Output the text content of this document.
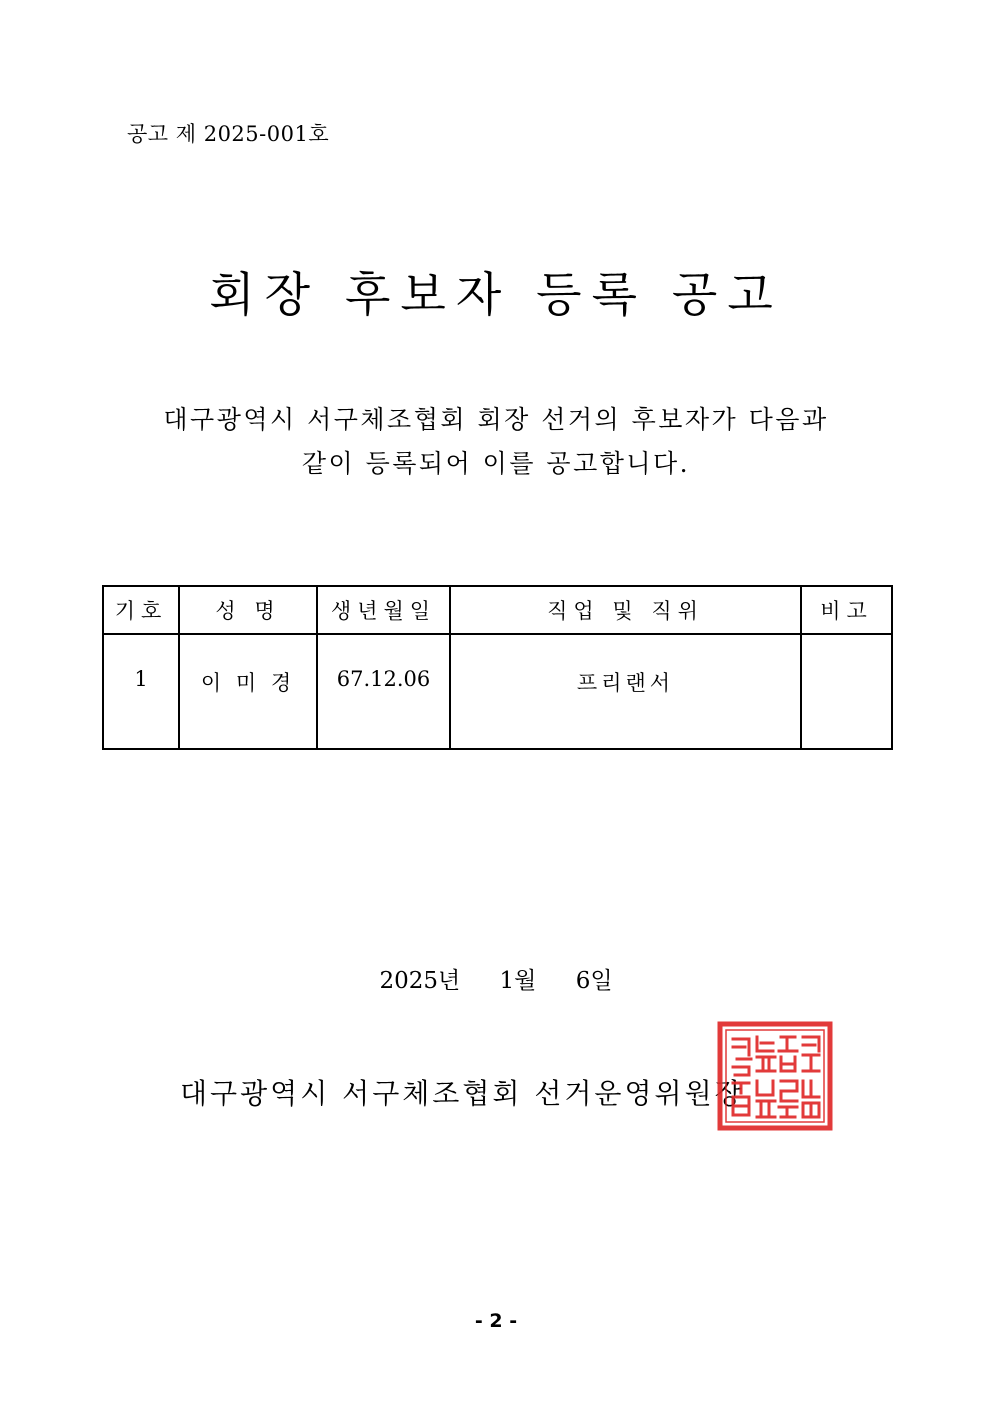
공고 제 2025-001호
회장 후보자 등록 공고
대구광역시 서구체조협회 회장 선거의 후보자가 다음과
같이 등록되어 이를 공고합니다.
기호	성 명	생년월일	직업 및 직위	비고
1	이 미 경	67.12.06	프리랜서	
2025년 1월 6일
대구광역시 서구체조협회 선거운영위원장
- 2 -
